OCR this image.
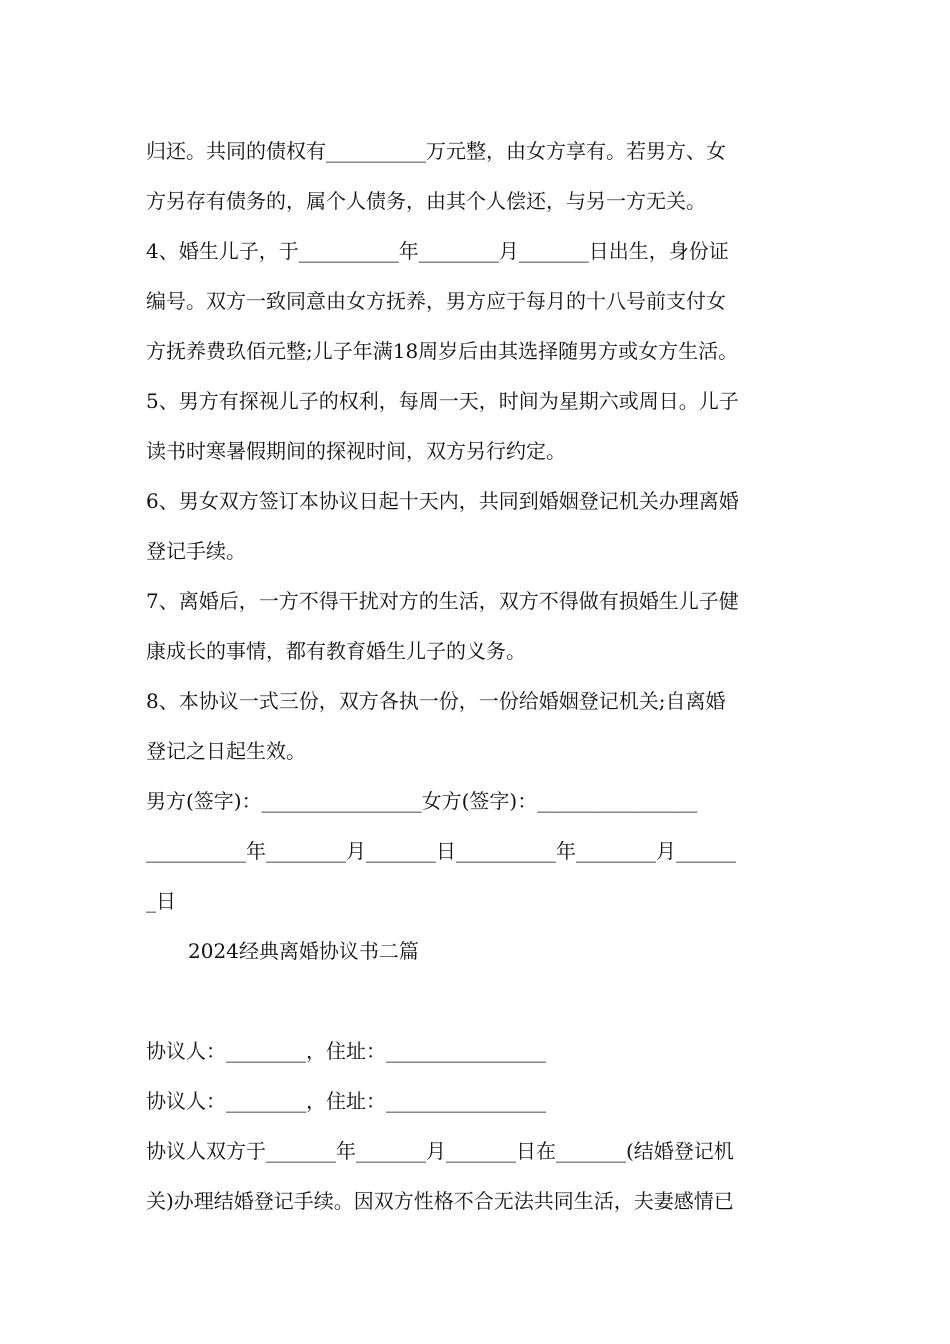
归还。共同的债权有__________万元整，由女方享有。若男方、女
方另存有债务的，属个人债务，由其个人偿还，与另一方无关。
4、婚生儿子，于__________年________月_______日出生，身份证
编号。双方一致同意由女方抚养，男方应于每月的十八号前支付女
方抚养费玖佰元整;儿子年满18周岁后由其选择随男方或女方生活。
5、男方有探视儿子的权利，每周一天，时间为星期六或周日。儿子
读书时寒暑假期间的探视时间，双方另行约定。
6、男女双方签订本协议日起十天内，共同到婚姻登记机关办理离婚
登记手续。
7、离婚后，一方不得干扰对方的生活，双方不得做有损婚生儿子健
康成长的事情，都有教育婚生儿子的义务。
8、本协议一式三份，双方各执一份，一份给婚姻登记机关;自离婚
登记之日起生效。
男方(签字)：________________女方(签字)：________________
__________年________月_______日__________年________月______
_日
2024经典离婚协议书二篇
协议人：________，住址：________________
协议人：________，住址：________________
协议人双方于_______年_______月_______日在_______(结婚登记机
关)办理结婚登记手续。因双方性格不合无法共同生活，夫妻感情已
